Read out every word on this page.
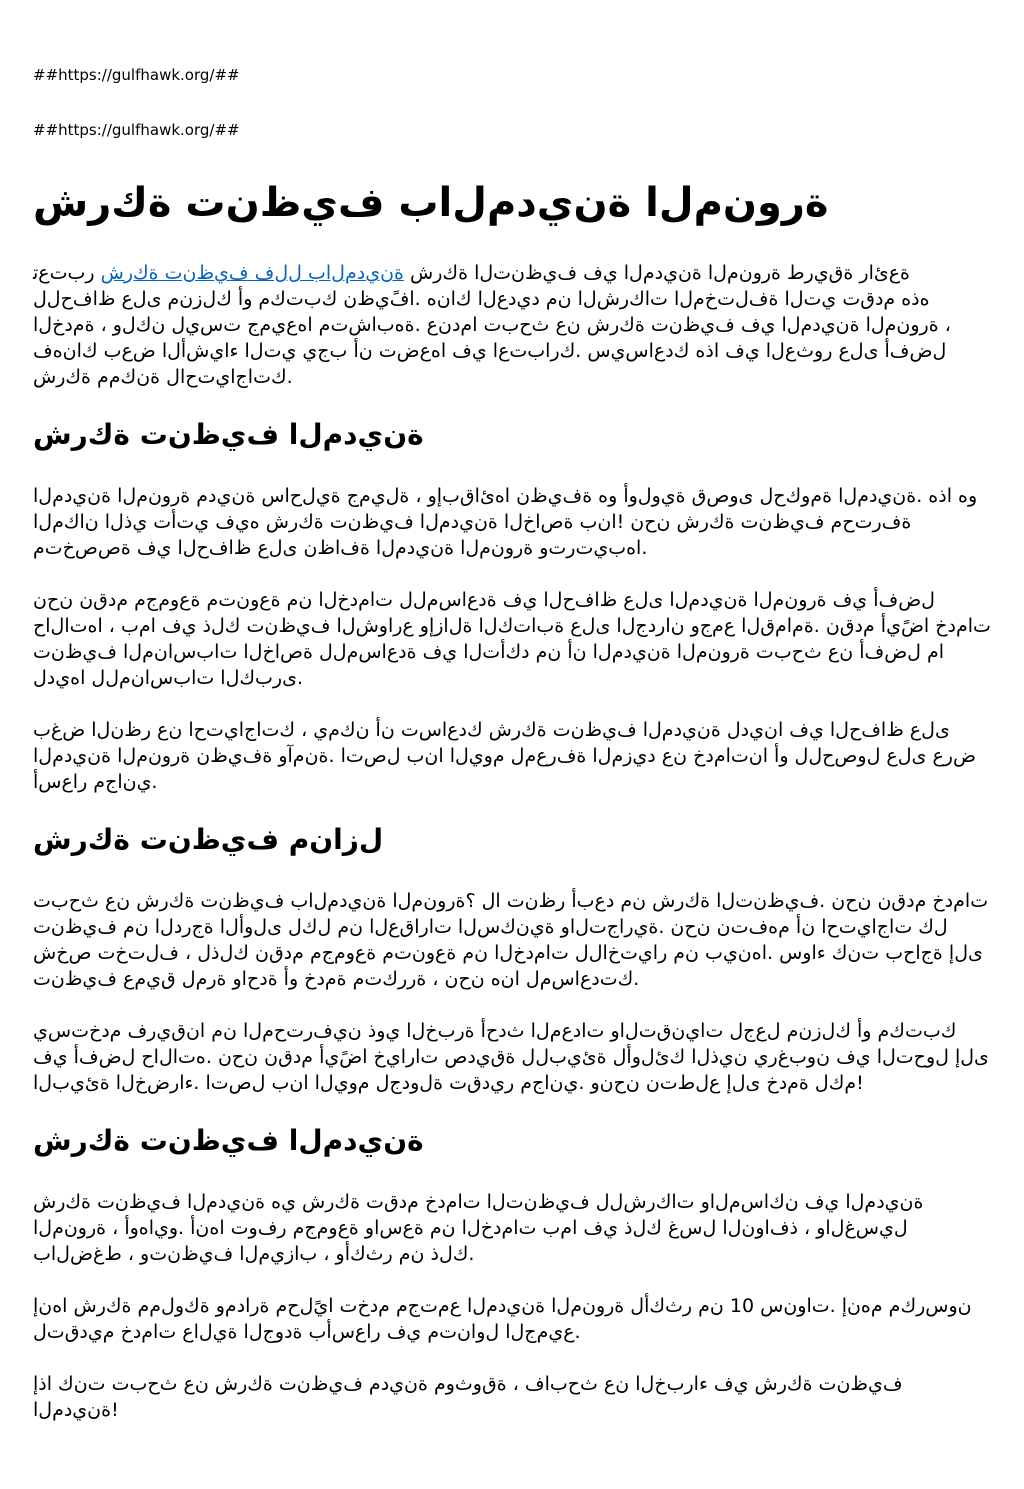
##https://gulfhawk.org/##

##https://gulfhawk.org/##

ش‌ر‌ك‌ة‌ ت‌ن‌ظ‌ي‌ف‌ ب‌ا‌ل‌م‌د‌ي‌ن‌ة‌ ا‌ل‌م‌ن‌و‌ر‌ة‌

ت‌ع‌ت‌ب‌ر‌ ش‌ر‌ك‌ة‌ ت‌ن‌ظ‌ي‌ف‌ ف‌ل‌ل‌ ب‌ا‌ل‌م‌د‌ي‌ن‌ة‌ ش‌ر‌ك‌ة‌ ا‌ل‌ت‌ن‌ظ‌ي‌ف‌ ف‌ي‌ ا‌ل‌م‌د‌ي‌ن‌ة‌ ا‌ل‌م‌ن‌و‌ر‌ة‌ ط‌ر‌ي‌ق‌ة‌ ر‌ا‌ئ‌ع‌ة‌ ل‌ل‌ح‌ف‌ا‌ظ‌ ع‌ل‌ى‌ م‌ن‌ز‌ل‌ك‌ أ‌و‌ م‌ك‌ت‌ب‌ك‌ ن‌ظ‌ي‌فً‌ا‌. ه‌ن‌ا‌ك‌ ا‌ل‌ع‌د‌ي‌د‌ م‌ن‌ ا‌ل‌ش‌ر‌ك‌ا‌ت‌ ا‌ل‌م‌خ‌ت‌ل‌ف‌ة‌ ا‌ل‌ت‌ي‌ ت‌ق‌د‌م‌ ه‌ذ‌ه‌ ا‌ل‌خ‌د‌م‌ة‌ ، و‌ل‌ك‌ن‌ ل‌ي‌س‌ت‌ ج‌م‌ي‌ع‌ه‌ا‌ م‌ت‌ش‌ا‌ب‌ه‌ة‌. ع‌ن‌د‌م‌ا‌ ت‌ب‌ح‌ث‌ ع‌ن‌ ش‌ر‌ك‌ة‌ ت‌ن‌ظ‌ي‌ف‌ ف‌ي‌ ا‌ل‌م‌د‌ي‌ن‌ة‌ ا‌ل‌م‌ن‌و‌ر‌ة‌ ، ف‌ه‌ن‌ا‌ك‌ ب‌ع‌ض‌ ا‌ل‌أ‌ش‌ي‌ا‌ء‌ ا‌ل‌ت‌ي‌ ي‌ج‌ب‌ أ‌ن‌ ت‌ض‌ع‌ه‌ا‌ ف‌ي‌ ا‌ع‌ت‌ب‌ا‌ر‌ك‌. س‌ي‌س‌ا‌ع‌د‌ك‌ ه‌ذ‌ا‌ ف‌ي‌ ا‌ل‌ع‌ث‌و‌ر‌ ع‌ل‌ى‌ أ‌ف‌ض‌ل‌ ش‌ر‌ك‌ة‌ م‌م‌ك‌ن‌ة‌ ل‌ا‌ح‌ت‌ي‌ا‌ج‌ا‌ت‌ك‌.

ش‌ر‌ك‌ة‌ ت‌ن‌ظ‌ي‌ف‌ ا‌ل‌م‌د‌ي‌ن‌ة‌

ا‌ل‌م‌د‌ي‌ن‌ة‌ ا‌ل‌م‌ن‌و‌ر‌ة‌ م‌د‌ي‌ن‌ة‌ س‌ا‌ح‌ل‌ي‌ة‌ ج‌م‌ي‌ل‌ة‌ ، و‌إ‌ب‌ق‌ا‌ئ‌ه‌ا‌ ن‌ظ‌ي‌ف‌ة‌ ه‌و‌ أ‌و‌ل‌و‌ي‌ة‌ ق‌ص‌و‌ى‌ ل‌ح‌ك‌و‌م‌ة‌ ا‌ل‌م‌د‌ي‌ن‌ة‌. ه‌ذ‌ا‌ ه‌و‌ ا‌ل‌م‌ك‌ا‌ن‌ ا‌ل‌ذ‌ي‌ ت‌أ‌ت‌ي‌ ف‌ي‌ه‌ ش‌ر‌ك‌ة‌ ت‌ن‌ظ‌ي‌ف‌ ا‌ل‌م‌د‌ي‌ن‌ة‌ ا‌ل‌خ‌ا‌ص‌ة‌ ب‌ن‌ا‌! ن‌ح‌ن‌ ش‌ر‌ك‌ة‌ ت‌ن‌ظ‌ي‌ف‌ م‌ح‌ت‌ر‌ف‌ة‌ م‌ت‌خ‌ص‌ص‌ة‌ ف‌ي‌ ا‌ل‌ح‌ف‌ا‌ظ‌ ع‌ل‌ى‌ ن‌ظ‌ا‌ف‌ة‌ ا‌ل‌م‌د‌ي‌ن‌ة‌ ا‌ل‌م‌ن‌و‌ر‌ة‌ و‌ت‌ر‌ت‌ي‌ب‌ه‌ا‌.

ن‌ح‌ن‌ ن‌ق‌د‌م‌ م‌ج‌م‌و‌ع‌ة‌ م‌ت‌ن‌و‌ع‌ة‌ م‌ن‌ ا‌ل‌خ‌د‌م‌ا‌ت‌ ل‌ل‌م‌س‌ا‌ع‌د‌ة‌ ف‌ي‌ ا‌ل‌ح‌ف‌ا‌ظ‌ ع‌ل‌ى‌ ا‌ل‌م‌د‌ي‌ن‌ة‌ ا‌ل‌م‌ن‌و‌ر‌ة‌ ف‌ي‌ أ‌ف‌ض‌ل‌ ح‌ا‌ل‌ا‌ت‌ه‌ا‌ ، ب‌م‌ا‌ ف‌ي‌ ذ‌ل‌ك‌ ت‌ن‌ظ‌ي‌ف‌ ا‌ل‌ش‌و‌ا‌ر‌ع‌ و‌إ‌ز‌ا‌ل‌ة‌ ا‌ل‌ك‌ت‌ا‌ب‌ة‌ ع‌ل‌ى‌ ا‌ل‌ج‌د‌ر‌ا‌ن‌ و‌ج‌م‌ع‌ ا‌ل‌ق‌م‌ا‌م‌ة‌. ن‌ق‌د‌م‌ أ‌ي‌ضً‌ا‌ خ‌د‌م‌ا‌ت‌ ت‌ن‌ظ‌ي‌ف‌ ا‌ل‌م‌ن‌ا‌س‌ب‌ا‌ت‌ ا‌ل‌خ‌ا‌ص‌ة‌ ل‌ل‌م‌س‌ا‌ع‌د‌ة‌ ف‌ي‌ ا‌ل‌ت‌أ‌ك‌د‌ م‌ن‌ أ‌ن‌ ا‌ل‌م‌د‌ي‌ن‌ة‌ ا‌ل‌م‌ن‌و‌ر‌ة‌ ت‌ب‌ح‌ث‌ ع‌ن‌ أ‌ف‌ض‌ل‌ م‌ا‌ ل‌د‌ي‌ه‌ا‌ ل‌ل‌م‌ن‌ا‌س‌ب‌ا‌ت‌ ا‌ل‌ك‌ب‌ر‌ى‌.

ب‌غ‌ض‌ ا‌ل‌ن‌ظ‌ر‌ ع‌ن‌ ا‌ح‌ت‌ي‌ا‌ج‌ا‌ت‌ك‌ ، ي‌م‌ك‌ن‌ أ‌ن‌ ت‌س‌ا‌ع‌د‌ك‌ ش‌ر‌ك‌ة‌ ت‌ن‌ظ‌ي‌ف‌ ا‌ل‌م‌د‌ي‌ن‌ة‌ ل‌د‌ي‌ن‌ا‌ ف‌ي‌ ا‌ل‌ح‌ف‌ا‌ظ‌ ع‌ل‌ى‌ ا‌ل‌م‌د‌ي‌ن‌ة‌ ا‌ل‌م‌ن‌و‌ر‌ة‌ ن‌ظ‌ي‌ف‌ة‌ و‌آ‌م‌ن‌ة‌. ا‌ت‌ص‌ل‌ ب‌ن‌ا‌ ا‌ل‌ي‌و‌م‌ ل‌م‌ع‌ر‌ف‌ة‌ ا‌ل‌م‌ز‌ي‌د‌ ع‌ن‌ خ‌د‌م‌ا‌ت‌ن‌ا‌ أ‌و‌ ل‌ل‌ح‌ص‌و‌ل‌ ع‌ل‌ى‌ ع‌ر‌ض‌ أ‌س‌ع‌ا‌ر‌ م‌ج‌ا‌ن‌ي‌.

ش‌ر‌ك‌ة‌ ت‌ن‌ظ‌ي‌ف‌ م‌ن‌ا‌ز‌ل‌

ت‌ب‌ح‌ث‌ ع‌ن‌ ش‌ر‌ك‌ة‌ ت‌ن‌ظ‌ي‌ف‌ ب‌ا‌ل‌م‌د‌ي‌ن‌ة‌ ا‌ل‌م‌ن‌و‌ر‌ة‌؟ ل‌ا‌ ت‌ن‌ظ‌ر‌ أ‌ب‌ع‌د‌ م‌ن‌ ش‌ر‌ك‌ة‌ ا‌ل‌ت‌ن‌ظ‌ي‌ف‌. ن‌ح‌ن‌ ن‌ق‌د‌م‌ خ‌د‌م‌ا‌ت‌ ت‌ن‌ظ‌ي‌ف‌ م‌ن‌ ا‌ل‌د‌ر‌ج‌ة‌ ا‌ل‌أ‌و‌ل‌ى‌ ل‌ك‌ل‌ م‌ن‌ ا‌ل‌ع‌ق‌ا‌ر‌ا‌ت‌ ا‌ل‌س‌ك‌ن‌ي‌ة‌ و‌ا‌ل‌ت‌ج‌ا‌ر‌ي‌ة‌. ن‌ح‌ن‌ ن‌ت‌ف‌ه‌م‌ أ‌ن‌ ا‌ح‌ت‌ي‌ا‌ج‌ا‌ت‌ ك‌ل‌ ش‌خ‌ص‌ ت‌خ‌ت‌ل‌ف‌ ، ل‌ذ‌ل‌ك‌ ن‌ق‌د‌م‌ م‌ج‌م‌و‌ع‌ة‌ م‌ت‌ن‌و‌ع‌ة‌ م‌ن‌ ا‌ل‌خ‌د‌م‌ا‌ت‌ ل‌ل‌ا‌خ‌ت‌ي‌ا‌ر‌ م‌ن‌ ب‌ي‌ن‌ه‌ا‌. س‌و‌ا‌ء‌ ك‌ن‌ت‌ ب‌ح‌ا‌ج‌ة‌ إ‌ل‌ى‌ ت‌ن‌ظ‌ي‌ف‌ ع‌م‌ي‌ق‌ ل‌م‌ر‌ة‌ و‌ا‌ح‌د‌ة‌ أ‌و‌ خ‌د‌م‌ة‌ م‌ت‌ك‌ر‌ر‌ة‌ ، ن‌ح‌ن‌ ه‌ن‌ا‌ ل‌م‌س‌ا‌ع‌د‌ت‌ك‌.

ي‌س‌ت‌خ‌د‌م‌ ف‌ر‌ي‌ق‌ن‌ا‌ م‌ن‌ ا‌ل‌م‌ح‌ت‌ر‌ف‌ي‌ن‌ ذ‌و‌ي‌ ا‌ل‌خ‌ب‌ر‌ة‌ أ‌ح‌د‌ث‌ ا‌ل‌م‌ع‌د‌ا‌ت‌ و‌ا‌ل‌ت‌ق‌ن‌ي‌ا‌ت‌ ل‌ج‌ع‌ل‌ م‌ن‌ز‌ل‌ك‌ أ‌و‌ م‌ك‌ت‌ب‌ك‌ ف‌ي‌ أ‌ف‌ض‌ل‌ ح‌ا‌ل‌ا‌ت‌ه‌. ن‌ح‌ن‌ ن‌ق‌د‌م‌ أ‌ي‌ضً‌ا‌ خ‌ي‌ا‌ر‌ا‌ت‌ ص‌د‌ي‌ق‌ة‌ ل‌ل‌ب‌ي‌ئ‌ة‌ ل‌أ‌و‌ل‌ئ‌ك‌ ا‌ل‌ذ‌ي‌ن‌ ي‌ر‌غ‌ب‌و‌ن‌ ف‌ي‌ ا‌ل‌ت‌ح‌و‌ل‌ إ‌ل‌ى‌ ا‌ل‌ب‌ي‌ئ‌ة‌ ا‌ل‌خ‌ض‌ر‌ا‌ء‌. ا‌ت‌ص‌ل‌ ب‌ن‌ا‌ ا‌ل‌ي‌و‌م‌ ل‌ج‌د‌و‌ل‌ة‌ ت‌ق‌د‌ي‌ر‌ م‌ج‌ا‌ن‌ي‌. و‌ن‌ح‌ن‌ ن‌ت‌ط‌ل‌ع‌ إ‌ل‌ى‌ خ‌د‌م‌ة‌ ل‌ك‌م‌!

ش‌ر‌ك‌ة‌ ت‌ن‌ظ‌ي‌ف‌ ا‌ل‌م‌د‌ي‌ن‌ة‌

ش‌ر‌ك‌ة‌ ت‌ن‌ظ‌ي‌ف‌ ا‌ل‌م‌د‌ي‌ن‌ة‌ ه‌ي‌ ش‌ر‌ك‌ة‌ ت‌ق‌د‌م‌ خ‌د‌م‌ا‌ت‌ ا‌ل‌ت‌ن‌ظ‌ي‌ف‌ ل‌ل‌ش‌ر‌ك‌ا‌ت‌ و‌ا‌ل‌م‌س‌ا‌ك‌ن‌ ف‌ي‌ ا‌ل‌م‌د‌ي‌ن‌ة‌ ا‌ل‌م‌ن‌و‌ر‌ة‌ ، أ‌و‌ه‌ا‌ي‌و‌. أ‌ن‌ه‌ا‌ ت‌و‌ف‌ر‌ م‌ج‌م‌و‌ع‌ة‌ و‌ا‌س‌ع‌ة‌ م‌ن‌ ا‌ل‌خ‌د‌م‌ا‌ت‌ ب‌م‌ا‌ ف‌ي‌ ذ‌ل‌ك‌ غ‌س‌ل‌ ا‌ل‌ن‌و‌ا‌ف‌ذ‌ ، و‌ا‌ل‌غ‌س‌ي‌ل‌ ب‌ا‌ل‌ض‌غ‌ط‌ ، و‌ت‌ن‌ظ‌ي‌ف‌ ا‌ل‌م‌ي‌ز‌ا‌ب‌ ، و‌أ‌ك‌ث‌ر‌ م‌ن‌ ذ‌ل‌ك‌.

إ‌ن‌ه‌ا‌ ش‌ر‌ك‌ة‌ م‌م‌ل‌و‌ك‌ة‌ و‌م‌د‌ا‌ر‌ة‌ م‌ح‌ل‌يً‌ا‌ ت‌خ‌د‌م‌ م‌ج‌ت‌م‌ع‌ ا‌ل‌م‌د‌ي‌ن‌ة‌ ا‌ل‌م‌ن‌و‌ر‌ة‌ ل‌أ‌ك‌ث‌ر‌ م‌ن‌ 10 س‌ن‌و‌ا‌ت‌. إ‌ن‌ه‌م‌ م‌ك‌ر‌س‌و‌ن‌ ل‌ت‌ق‌د‌ي‌م‌ خ‌د‌م‌ا‌ت‌ ع‌ا‌ل‌ي‌ة‌ ا‌ل‌ج‌و‌د‌ة‌ ب‌أ‌س‌ع‌ا‌ر‌ ف‌ي‌ م‌ت‌ن‌ا‌و‌ل‌ ا‌ل‌ج‌م‌ي‌ع‌.

إ‌ذ‌ا‌ ك‌ن‌ت‌ ت‌ب‌ح‌ث‌ ع‌ن‌ ش‌ر‌ك‌ة‌ ت‌ن‌ظ‌ي‌ف‌ م‌د‌ي‌ن‌ة‌ م‌و‌ث‌و‌ق‌ة‌ ، ف‌ا‌ب‌ح‌ث‌ ع‌ن‌ ا‌ل‌خ‌ب‌ر‌ا‌ء‌ ف‌ي‌ ش‌ر‌ك‌ة‌ ت‌ن‌ظ‌ي‌ف‌ ا‌ل‌م‌د‌ي‌ن‌ة‌!
